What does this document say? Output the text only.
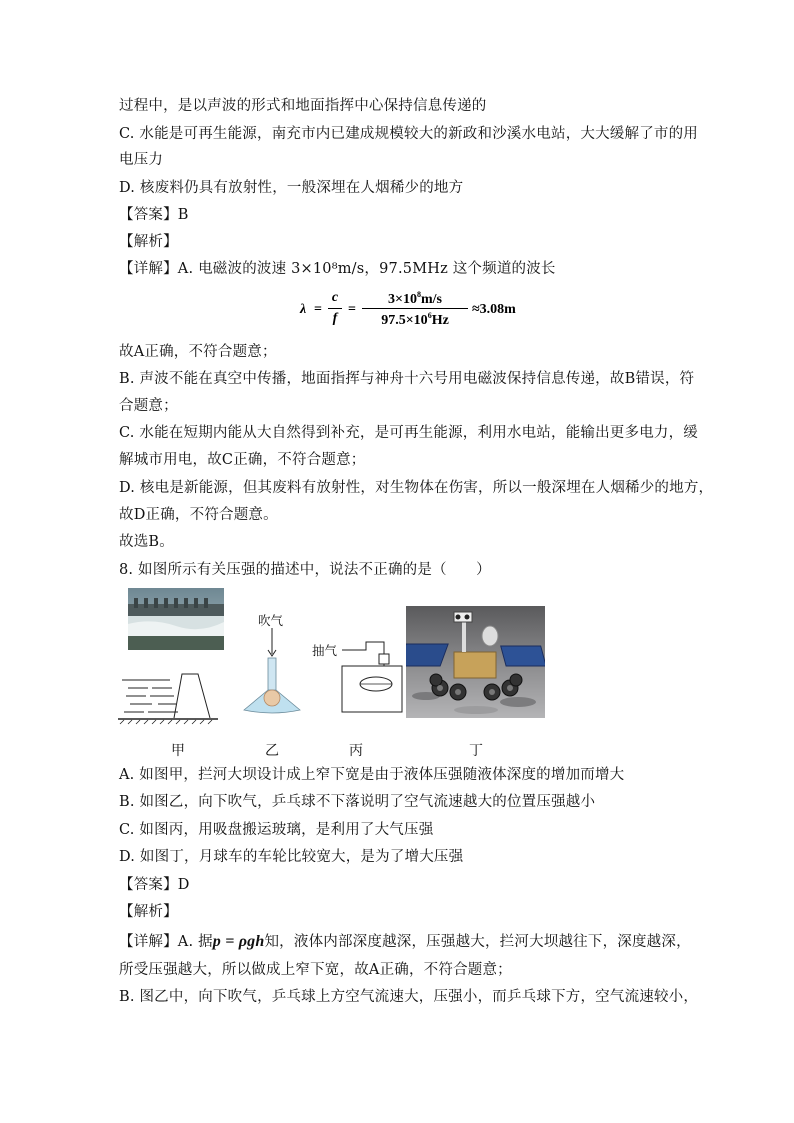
过程中，是以声波的形式和地面指挥中心保持信息传递的
C. 水能是可再生能源，南充市内已建成规模较大的新政和沙溪水电站，大大缓解了市的用
电压力
D. 核废料仍具有放射性，一般深埋在人烟稀少的地方
【答案】B
【解析】
【详解】A. 电磁波的波速 3×10⁸m/s，97.5MHz 这个频道的波长
$\lambda = \frac{c}{f} = \frac{3\times 10^8m/s}{97.5\times 10^6Hz} \approx 3.08m$
故A正确，不符合题意；
B. 声波不能在真空中传播，地面指挥与神舟十六号用电磁波保持信息传递，故B错误，符
合题意；
C. 水能在短期内能从大自然得到补充，是可再生能源，利用水电站，能输出更多电力，缓
解城市用电，故C正确，不符合题意；
D. 核电是新能源，但其废料有放射性，对生物体在伤害，所以一般深埋在人烟稀少的地方，
故D正确，不符合题意。
故选B。
8. 如图所示有关压强的描述中，说法不正确的是（　　）
吹气
抽气
甲	乙	丙	丁
A. 如图甲，拦河大坝设计成上窄下宽是由于液体压强随液体深度的增加而增大
B. 如图乙，向下吹气，乒乓球不下落说明了空气流速越大的位置压强越小
C. 如图丙，用吸盘搬运玻璃，是利用了大气压强
D. 如图丁，月球车的车轮比较宽大，是为了增大压强
【答案】D
【解析】
【详解】A. 据p = ρgh知，液体内部深度越深，压强越大，拦河大坝越往下，深度越深，
所受压强越大，所以做成上窄下宽，故A正确，不符合题意；
B. 图乙中，向下吹气，乒乓球上方空气流速大，压强小，而乒乓球下方，空气流速较小，
